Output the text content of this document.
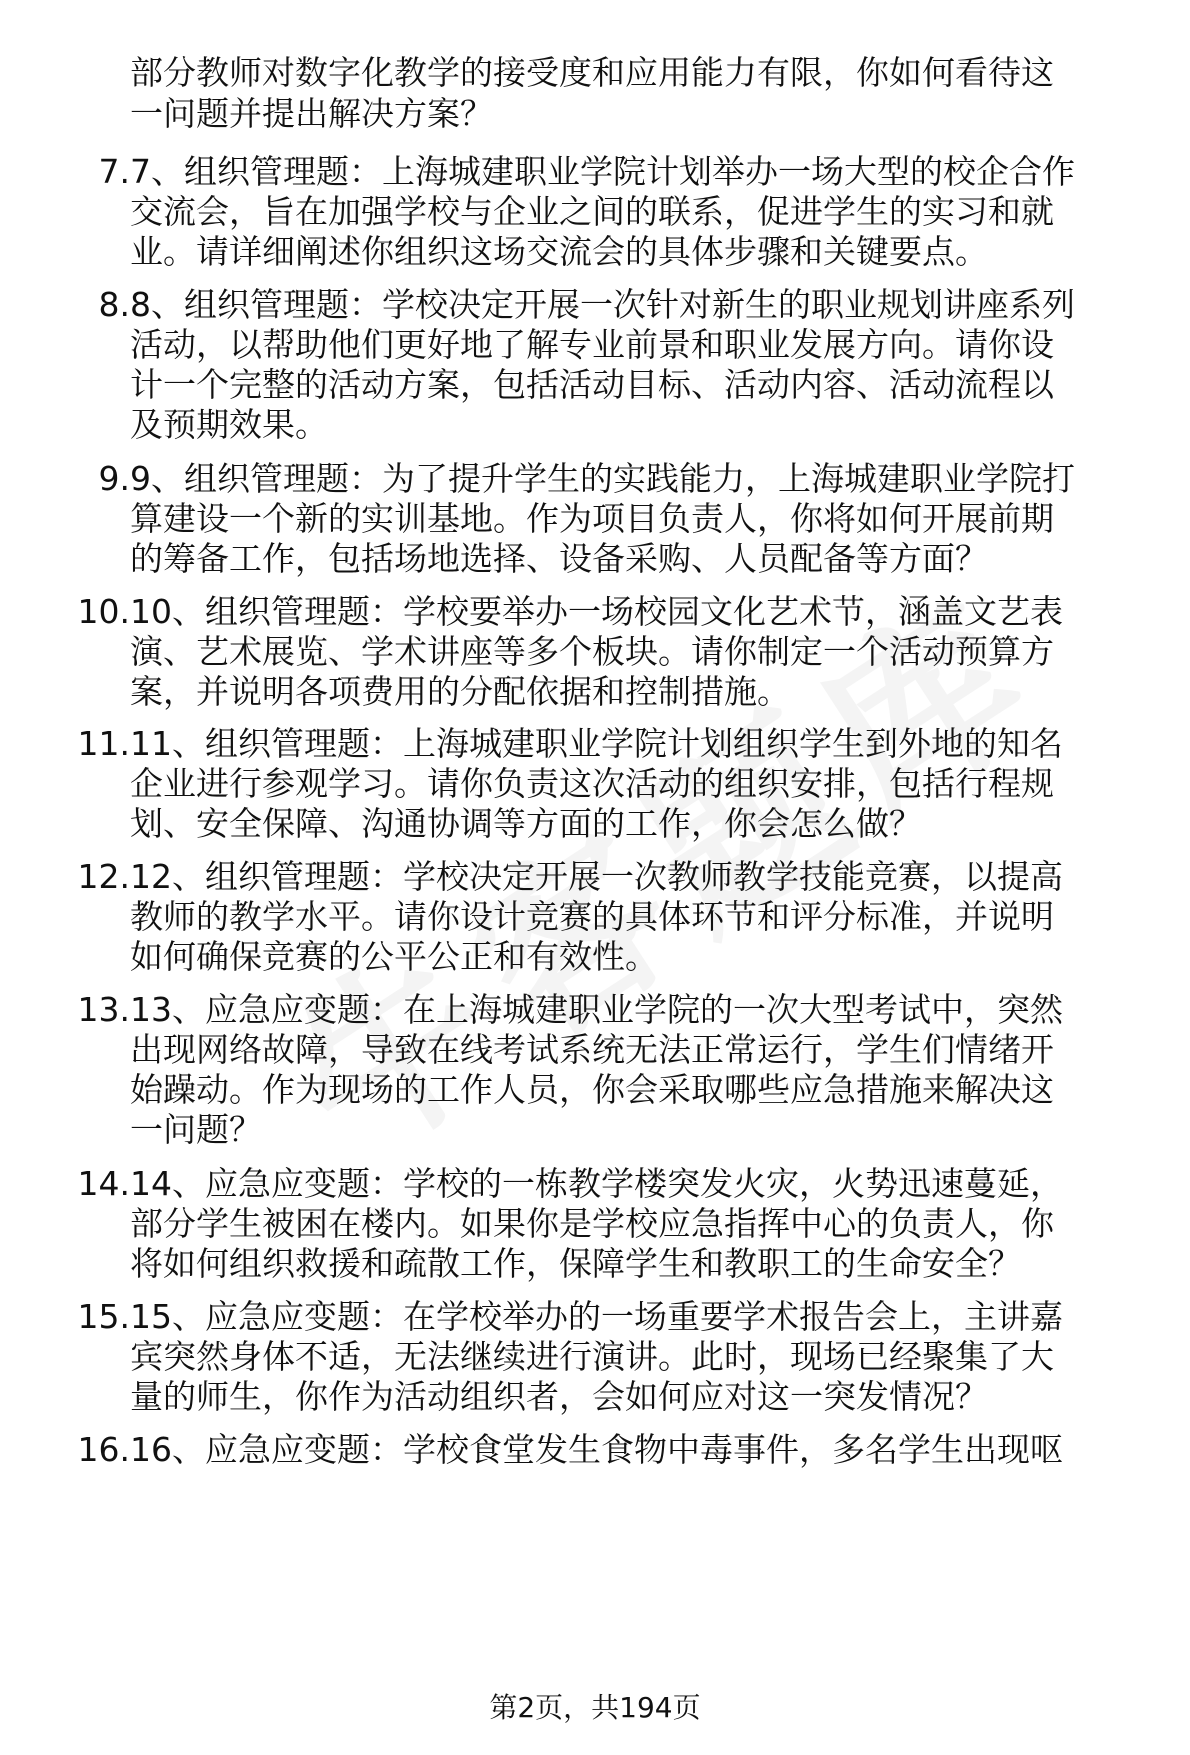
部分教师对数字化教学的接受度和应用能力有限，你如何看待这
一问题并提出解决方案？
7. 7、组织管理题：上海城建职业学院计划举办一场大型的校企合作
交流会，旨在加强学校与企业之间的联系，促进学生的实习和就
业。请详细阐述你组织这场交流会的具体步骤和关键要点。
8. 8、组织管理题：学校决定开展一次针对新生的职业规划讲座系列
活动，以帮助他们更好地了解专业前景和职业发展方向。请你设
计一个完整的活动方案，包括活动目标、活动内容、活动流程以
及预期效果。
9. 9、组织管理题：为了提升学生的实践能力，上海城建职业学院打
算建设一个新的实训基地。作为项目负责人，你将如何开展前期
的筹备工作，包括场地选择、设备采购、人员配备等方面？
10. 10、组织管理题：学校要举办一场校园文化艺术节，涵盖文艺表
演、艺术展览、学术讲座等多个板块。请你制定一个活动预算方
案，并说明各项费用的分配依据和控制措施。
11. 11、组织管理题：上海城建职业学院计划组织学生到外地的知名
企业进行参观学习。请你负责这次活动的组织安排，包括行程规
划、安全保障、沟通协调等方面的工作，你会怎么做？
12. 12、组织管理题：学校决定开展一次教师教学技能竞赛，以提高
教师的教学水平。请你设计竞赛的具体环节和评分标准，并说明
如何确保竞赛的公平公正和有效性。
13. 13、应急应变题：在上海城建职业学院的一次大型考试中，突然
出现网络故障，导致在线考试系统无法正常运行，学生们情绪开
始躁动。作为现场的工作人员，你会采取哪些应急措施来解决这
一问题？
14. 14、应急应变题：学校的一栋教学楼突发火灾，火势迅速蔓延，
部分学生被困在楼内。如果你是学校应急指挥中心的负责人，你
将如何组织救援和疏散工作，保障学生和教职工的生命安全？
15. 15、应急应变题：在学校举办的一场重要学术报告会上，主讲嘉
宾突然身体不适，无法继续进行演讲。此时，现场已经聚集了大
量的师生，你作为活动组织者，会如何应对这一突发情况？
16. 16、应急应变题：学校食堂发生食物中毒事件，多名学生出现呕
第2页，共194页
